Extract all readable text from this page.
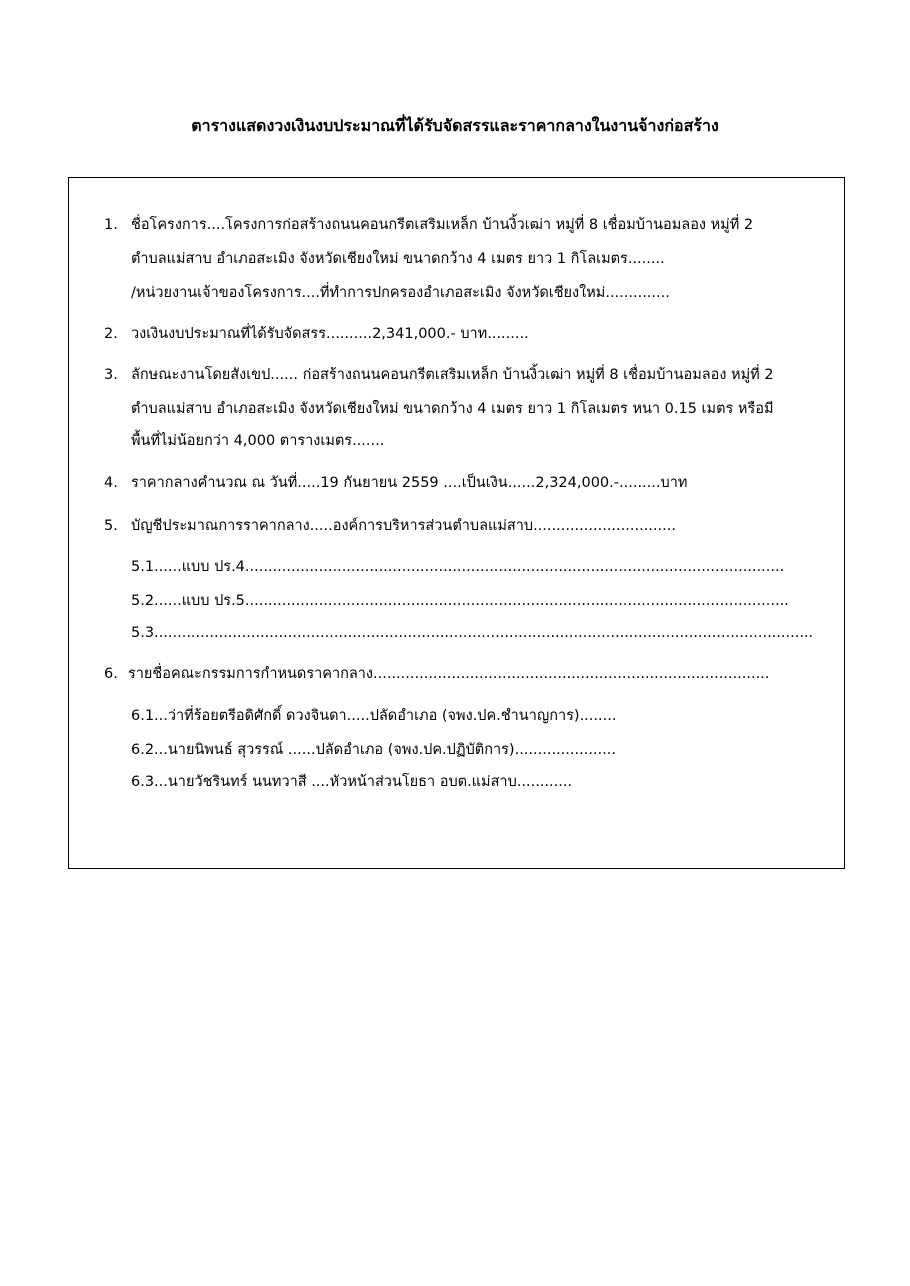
ตารางแสดงวงเงินงบประมาณที่ได้รับจัดสรรและราคากลางในงานจ้างก่อสร้าง
1. ชื่อโครงการ....โครงการก่อสร้างถนนคอนกรีตเสริมเหล็ก บ้านงิ้วเฒ่า หมู่ที่ 8 เชื่อมบ้านอมลอง หมู่ที่ 2
ตำบลแม่สาบ อำเภอสะเมิง จังหวัดเชียงใหม่ ขนาดกว้าง 4 เมตร ยาว 1 กิโลเมตร........
/หน่วยงานเจ้าของโครงการ....ที่ทำการปกครองอำเภอสะเมิง จังหวัดเชียงใหม่..............
2. วงเงินงบประมาณที่ได้รับจัดสรร..........2,341,000.- บาท.........
3. ลักษณะงานโดยสังเขป...... ก่อสร้างถนนคอนกรีตเสริมเหล็ก บ้านงิ้วเฒ่า หมู่ที่ 8 เชื่อมบ้านอมลอง หมู่ที่ 2
ตำบลแม่สาบ อำเภอสะเมิง จังหวัดเชียงใหม่ ขนาดกว้าง 4 เมตร ยาว 1 กิโลเมตร หนา 0.15 เมตร หรือมี
พื้นที่ไม่น้อยกว่า 4,000 ตารางเมตร.......
4. ราคากลางคำนวณ ณ วันที่.....19 กันยายน 2559 ....เป็นเงิน......2,324,000.-.........บาท
5. บัญชีประมาณการราคากลาง.....องค์การบริหารส่วนตำบลแม่สาบ...............................
5.1......แบบ ปร.4.....................................................................................................................
5.2......แบบ ปร.5......................................................................................................................
5.3...............................................................................................................................................
6. รายชื่อคณะกรรมการกำหนดราคากลาง......................................................................................
6.1...ว่าที่ร้อยตรีอดิศักดิ์ ดวงจินดา.....ปลัดอำเภอ (จพง.ปค.ชำนาญการ)........
6.2...นายนิพนธ์ สุวรรณ์ ......ปลัดอำเภอ (จพง.ปค.ปฏิบัติการ)......................
6.3...นายวัชรินทร์ นนทวาสี ....หัวหน้าส่วนโยธา อบต.แม่สาบ............
